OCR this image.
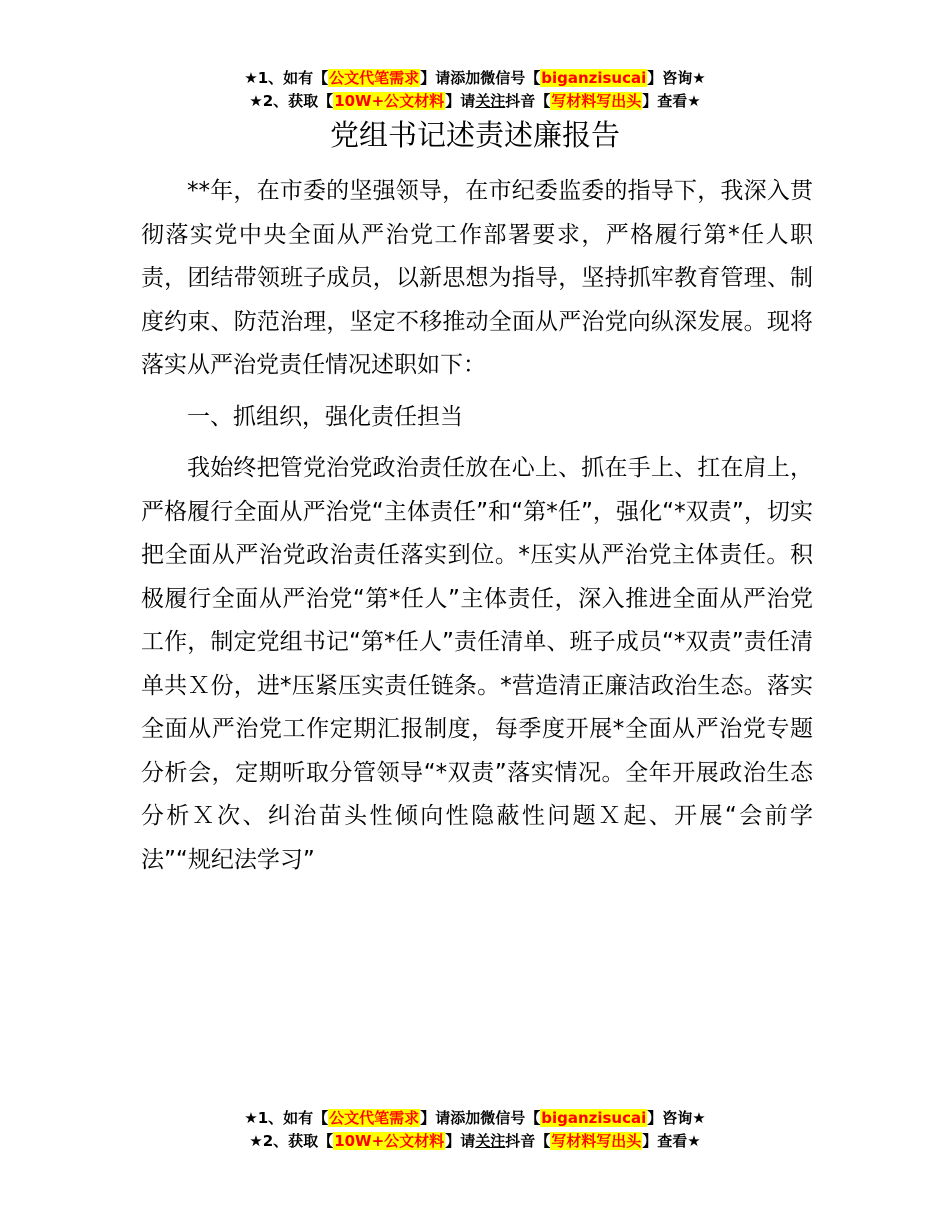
★1、如有【公文代笔需求】请添加微信号【biganzisucai】咨询★
★2、获取【10W+公文材料】请关注抖音【写材料写出头】查看★
党组书记述责述廉报告

**年，在市委的坚强领导，在市纪委监委的指导下，我深入贯彻落实党中央全面从严治党工作部署要求，严格履行第*任人职责，团结带领班子成员，以新思想为指导，坚持抓牢教育管理、制度约束、防范治理，坚定不移推动全面从严治党向纵深发展。现将落实从严治党责任情况述职如下：

一、抓组织，强化责任担当

我始终把管党治党政治责任放在心上、抓在手上、扛在肩上，严格履行全面从严治党“主体责任”和“第*任”，强化“*双责”，切实把全面从严治党政治责任落实到位。*压实从严治党主体责任。积极履行全面从严治党“第*任人”主体责任，深入推进全面从严治党工作，制定党组书记“第*任人”责任清单、班子成员“*双责”责任清单共Ｘ份，进*压紧压实责任链条。*营造清正廉洁政治生态。落实全面从严治党工作定期汇报制度，每季度开展*全面从严治党专题分析会，定期听取分管领导“*双责”落实情况。全年开展政治生态分析Ｘ次、纠治苗头性倾向性隐蔽性问题Ｘ起、开展“会前学法”“规纪法学习”

★1、如有【公文代笔需求】请添加微信号【biganzisucai】咨询★
★2、获取【10W+公文材料】请关注抖音【写材料写出头】查看★
